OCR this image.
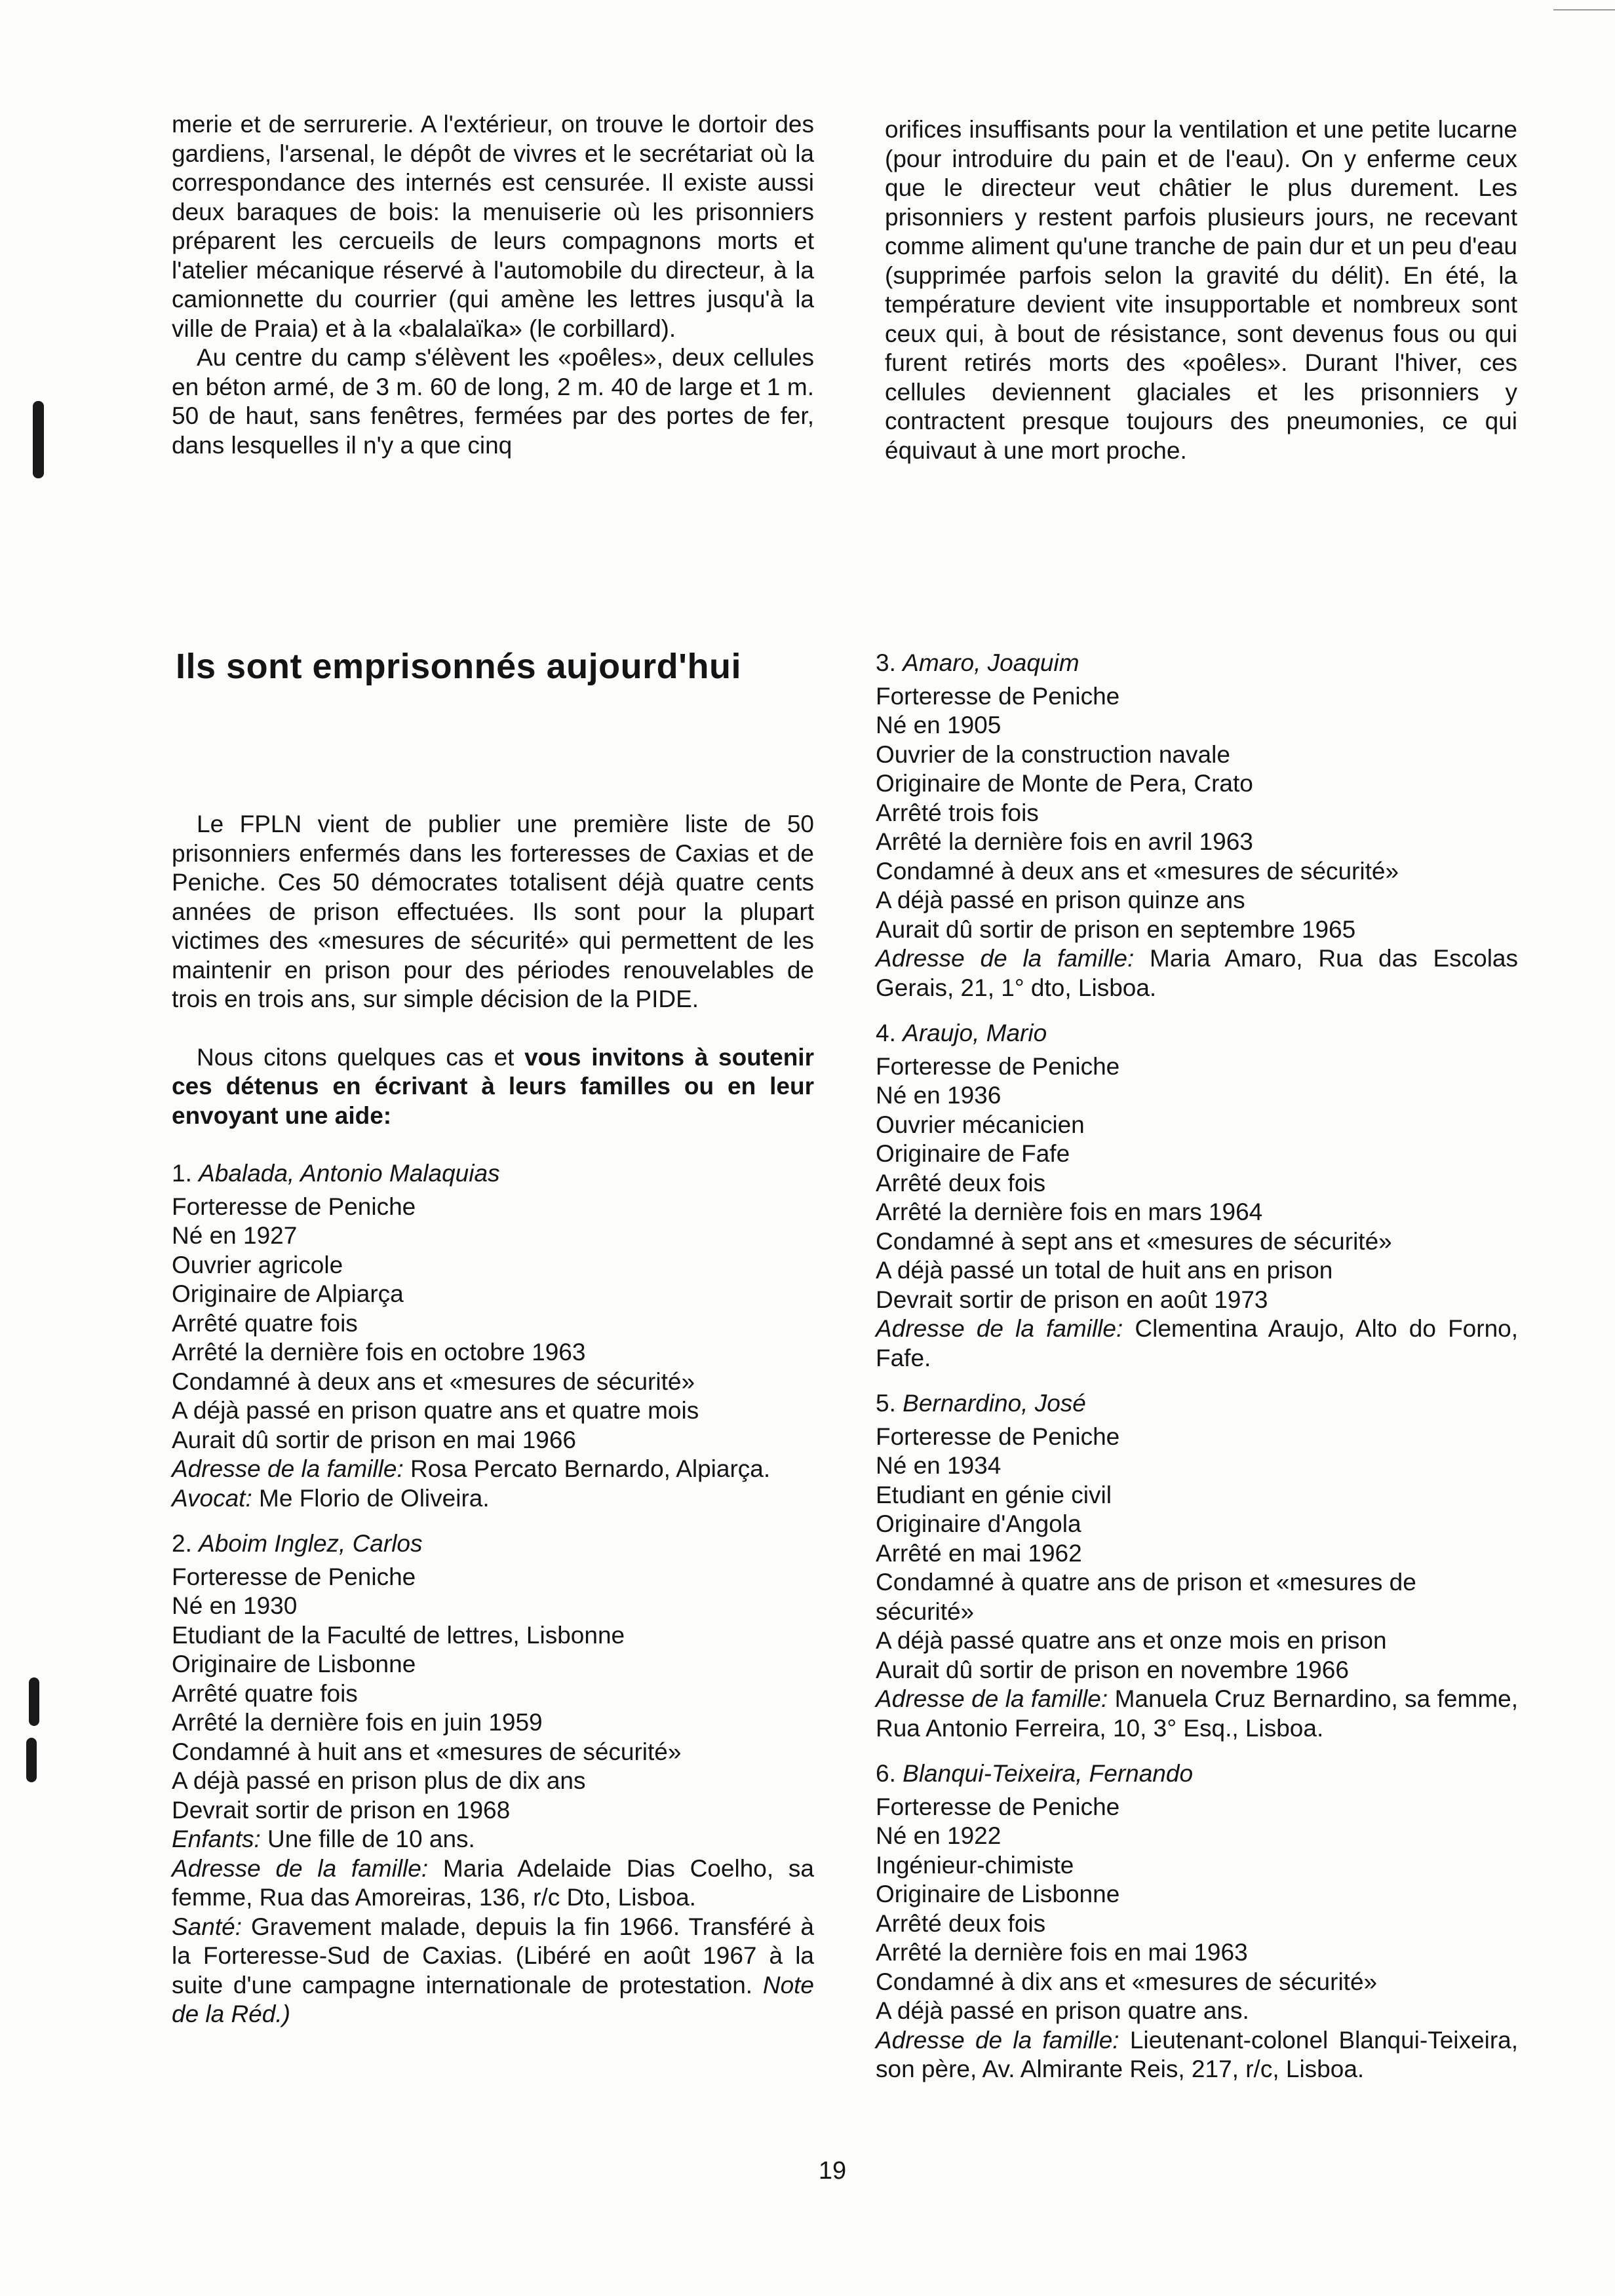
merie et de serrurerie. A l'extérieur, on trouve le dortoir des gardiens, l'arsenal, le dépôt de vivres et le secrétariat où la correspondance des internés est censurée. Il existe aussi deux baraques de bois: la menuiserie où les prisonniers préparent les cercueils de leurs compagnons morts et l'atelier mécanique réservé à l'automobile du directeur, à la camionnette du courrier (qui amène les lettres jusqu'à la ville de Praia) et à la «balalaïka» (le corbillard).

Au centre du camp s'élèvent les «poêles», deux cellules en béton armé, de 3 m. 60 de long, 2 m. 40 de large et 1 m. 50 de haut, sans fenêtres, fermées par des portes de fer, dans lesquelles il n'y a que cinq

orifices insuffisants pour la ventilation et une petite lucarne (pour introduire du pain et de l'eau). On y enferme ceux que le directeur veut châtier le plus durement. Les prisonniers y restent parfois plusieurs jours, ne recevant comme aliment qu'une tranche de pain dur et un peu d'eau (supprimée parfois selon la gravité du délit). En été, la température devient vite insupportable et nombreux sont ceux qui, à bout de résistance, sont devenus fous ou qui furent retirés morts des «poêles». Durant l'hiver, ces cellules deviennent glaciales et les prisonniers y contractent presque toujours des pneumonies, ce qui équivaut à une mort proche.

Ils sont emprisonnés aujourd'hui

Le FPLN vient de publier une première liste de 50 prisonniers enfermés dans les forteresses de Caxias et de Peniche. Ces 50 démocrates totalisent déjà quatre cents années de prison effectuées. Ils sont pour la plupart victimes des «mesures de sécurité» qui permettent de les maintenir en prison pour des périodes renouvelables de trois en trois ans, sur simple décision de la PIDE.

Nous citons quelques cas et vous invitons à soutenir ces détenus en écrivant à leurs familles ou en leur envoyant une aide:

1. Abalada, Antonio Malaquias

Forteresse de Peniche

Né en 1927

Ouvrier agricole

Originaire de Alpiarça

Arrêté quatre fois

Arrêté la dernière fois en octobre 1963

Condamné à deux ans et «mesures de sécurité»

A déjà passé en prison quatre ans et quatre mois

Aurait dû sortir de prison en mai 1966

Adresse de la famille: Rosa Percato Bernardo, Alpiarça.

Avocat: Me Florio de Oliveira.

2. Aboim Inglez, Carlos

Forteresse de Peniche

Né en 1930

Etudiant de la Faculté de lettres, Lisbonne

Originaire de Lisbonne

Arrêté quatre fois

Arrêté la dernière fois en juin 1959

Condamné à huit ans et «mesures de sécurité»

A déjà passé en prison plus de dix ans

Devrait sortir de prison en 1968

Enfants: Une fille de 10 ans.

Adresse de la famille: Maria Adelaide Dias Coelho, sa femme, Rua das Amoreiras, 136, r/c Dto, Lisboa.

Santé: Gravement malade, depuis la fin 1966. Transféré à la Forteresse-Sud de Caxias. (Libéré en août 1967 à la suite d'une campagne internationale de protestation. Note de la Réd.)

3. Amaro, Joaquim

Forteresse de Peniche

Né en 1905

Ouvrier de la construction navale

Originaire de Monte de Pera, Crato

Arrêté trois fois

Arrêté la dernière fois en avril 1963

Condamné à deux ans et «mesures de sécurité»

A déjà passé en prison quinze ans

Aurait dû sortir de prison en septembre 1965

Adresse de la famille: Maria Amaro, Rua das Escolas Gerais, 21, 1° dto, Lisboa.

4. Araujo, Mario

Forteresse de Peniche

Né en 1936

Ouvrier mécanicien

Originaire de Fafe

Arrêté deux fois

Arrêté la dernière fois en mars 1964

Condamné à sept ans et «mesures de sécurité»

A déjà passé un total de huit ans en prison

Devrait sortir de prison en août 1973

Adresse de la famille: Clementina Araujo, Alto do Forno, Fafe.

5. Bernardino, José

Forteresse de Peniche

Né en 1934

Etudiant en génie civil

Originaire d'Angola

Arrêté en mai 1962

Condamné à quatre ans de prison et «mesures de sécurité»

A déjà passé quatre ans et onze mois en prison

Aurait dû sortir de prison en novembre 1966

Adresse de la famille: Manuela Cruz Bernardino, sa femme, Rua Antonio Ferreira, 10, 3° Esq., Lisboa.

6. Blanqui-Teixeira, Fernando

Forteresse de Peniche

Né en 1922

Ingénieur-chimiste

Originaire de Lisbonne

Arrêté deux fois

Arrêté la dernière fois en mai 1963

Condamné à dix ans et «mesures de sécurité»

A déjà passé en prison quatre ans.

Adresse de la famille: Lieutenant-colonel Blanqui-Teixeira, son père, Av. Almirante Reis, 217, r/c, Lisboa.

19
